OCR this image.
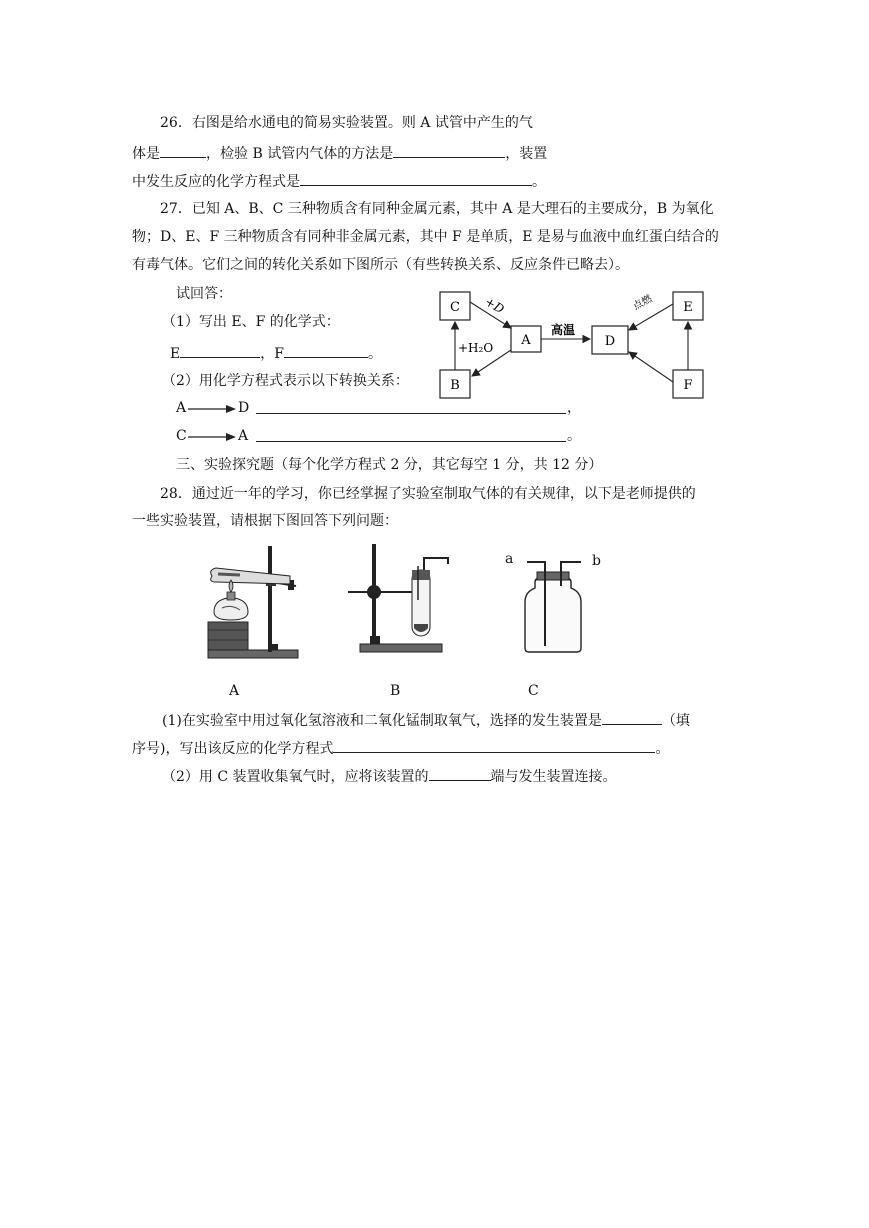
26．右图是给水通电的简易实验装置。则 A 试管中产生的气
体是	，检验 B 试管内气体的方法是	，装置
中发生反应的化学方程式是	。
27．已知 A、B、C 三种物质含有同种金属元素，其中 A 是大理石的主要成分，B 为氧化
物；D、E、F 三种物质含有同种非金属元素，其中 F 是单质，E 是易与血液中血红蛋白结合的
有毒气体。它们之间的转化关系如下图所示（有些转换关系、反应条件已略去）。
试回答：
（1）写出 E、F 的化学式：
E	，F	。
（2）用化学方程式表示以下转换关系：
A	D	，
C	A	。
C
A
B
D
E
F
+D
+H₂O
高温
点燃
三、实验探究题（每个化学方程式 2 分，其它每空 1 分，共 12 分）
28．通过近一年的学习，你已经掌握了实验室制取气体的有关规律，以下是老师提供的
一些实验装置，请根据下图回答下列问题：
a	b
A	B	C
(1)在实验室中用过氧化氢溶液和二氧化锰制取氧气，选择的发生装置是	（填
序号)，写出该反应的化学方程式	。
（2）用 C 装置收集氧气时，应将该装置的	端与发生装置连接。
